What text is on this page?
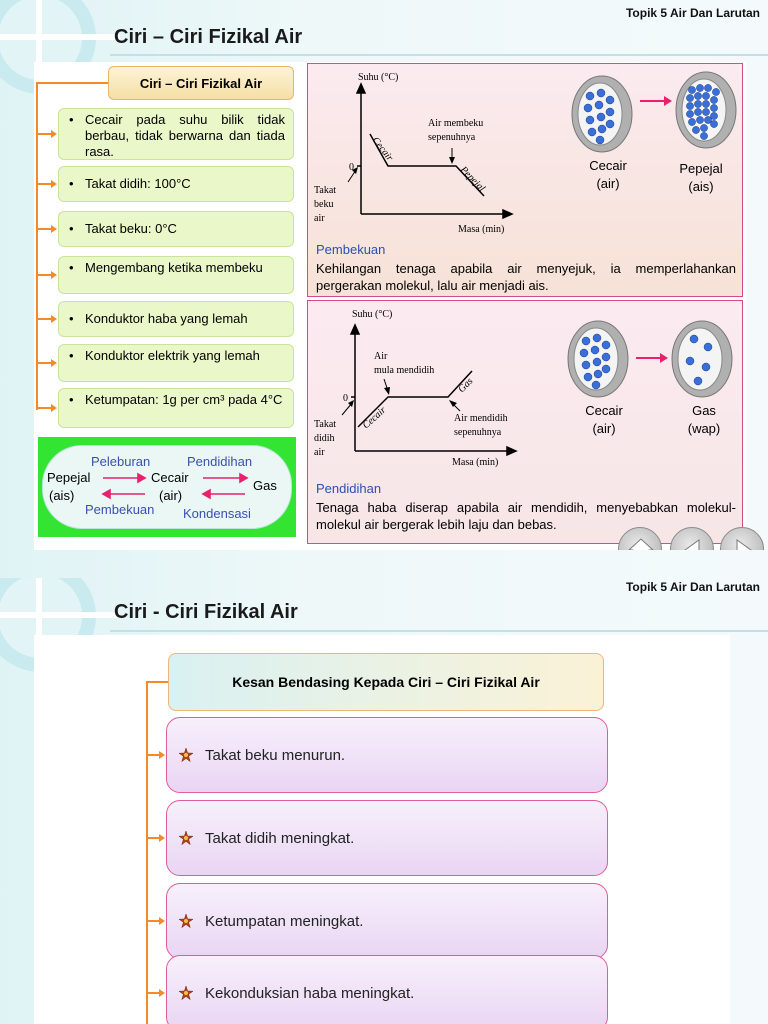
Topik 5 Air Dan Larutan
Ciri – Ciri Fizikal Air
Ciri – Ciri Fizikal Air
• Cecair pada suhu bilik tidak berbau, tidak berwarna dan tiada rasa.
• Takat didih: 100°C
• Takat beku: 0°C
• Mengembang ketika membeku
• Konduktor haba yang lemah
• Konduktor elektrik yang lemah
• Ketumpatan: 1g per cm³ pada 4°C
Peleburan	Pendidihan
Pepejal
(ais)
Cecair
(air)
Gas
Pembekuan Kondensasi
Suhu (°C)
Masa (min)
0
Takat
beku
air
Air membeku
sepenuhnya
Cecair
Pepejal	Cecair
(air)
Pepejal
(ais)
Pembekuan
Kehilangan tenaga apabila air menyejuk, ia memperlahankan pergerakan molekul, lalu air menjadi ais.
Suhu (°C)
Masa (min)
0
Takat
didih
air
Air
mula mendidih
Air mendidih
sepenuhnya
Cecair
Gas
Cecair
(air)
Gas
(wap)
Pendidihan
Tenaga haba diserap apabila air mendidih, menyebabkan molekul-molekul air bergerak lebih laju dan bebas.
Topik 5 Air Dan Larutan
Ciri - Ciri Fizikal Air
Kesan Bendasing Kepada Ciri – Ciri Fizikal Air
Takat beku menurun.
Takat didih meningkat.
Ketumpatan meningkat.
Kekonduksian haba meningkat.
